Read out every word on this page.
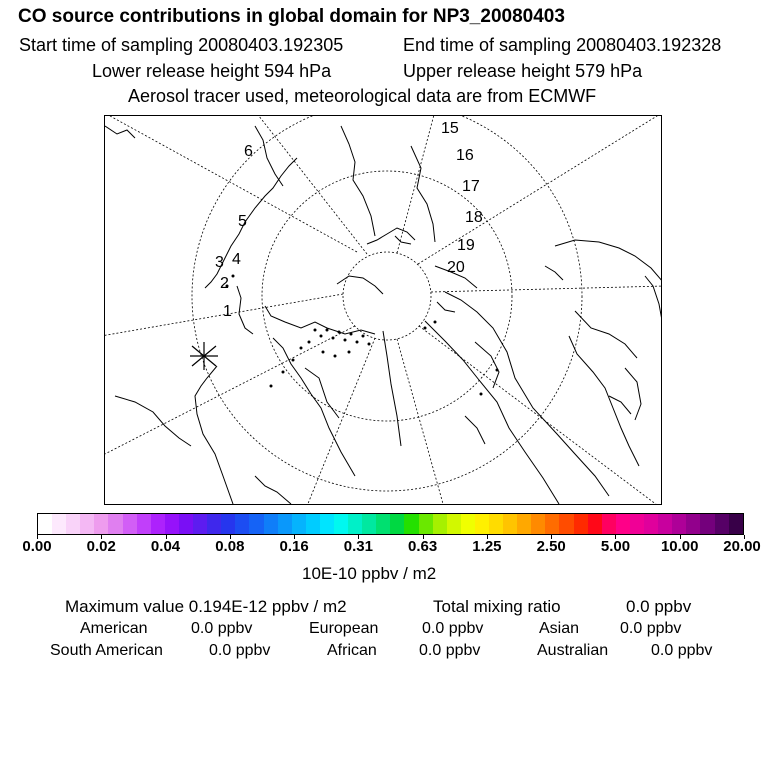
CO source contributions in global domain for NP3_20080403
Start time of sampling 20080403.192305	End time of sampling 20080403.192328
Lower release height 594 hPa	Upper release height 579 hPa
Aerosol tracer used, meteorological data are from ECMWF
15
16
17
18
19
20
6
5
3 4
2
1
0.00 0.02 0.04 0.08 0.16 0.31 0.63 1.25 2.50 5.00 10.00 20.00
10E-10 ppbv / m2
Maximum value 0.194E-12 ppbv / m2	Total mixing ratio	0.0 ppbv
American	0.0 ppbv	European	0.0 ppbv	Asian	0.0 ppbv
South American	0.0 ppbv	African	0.0 ppbv	Australian	0.0 ppbv
